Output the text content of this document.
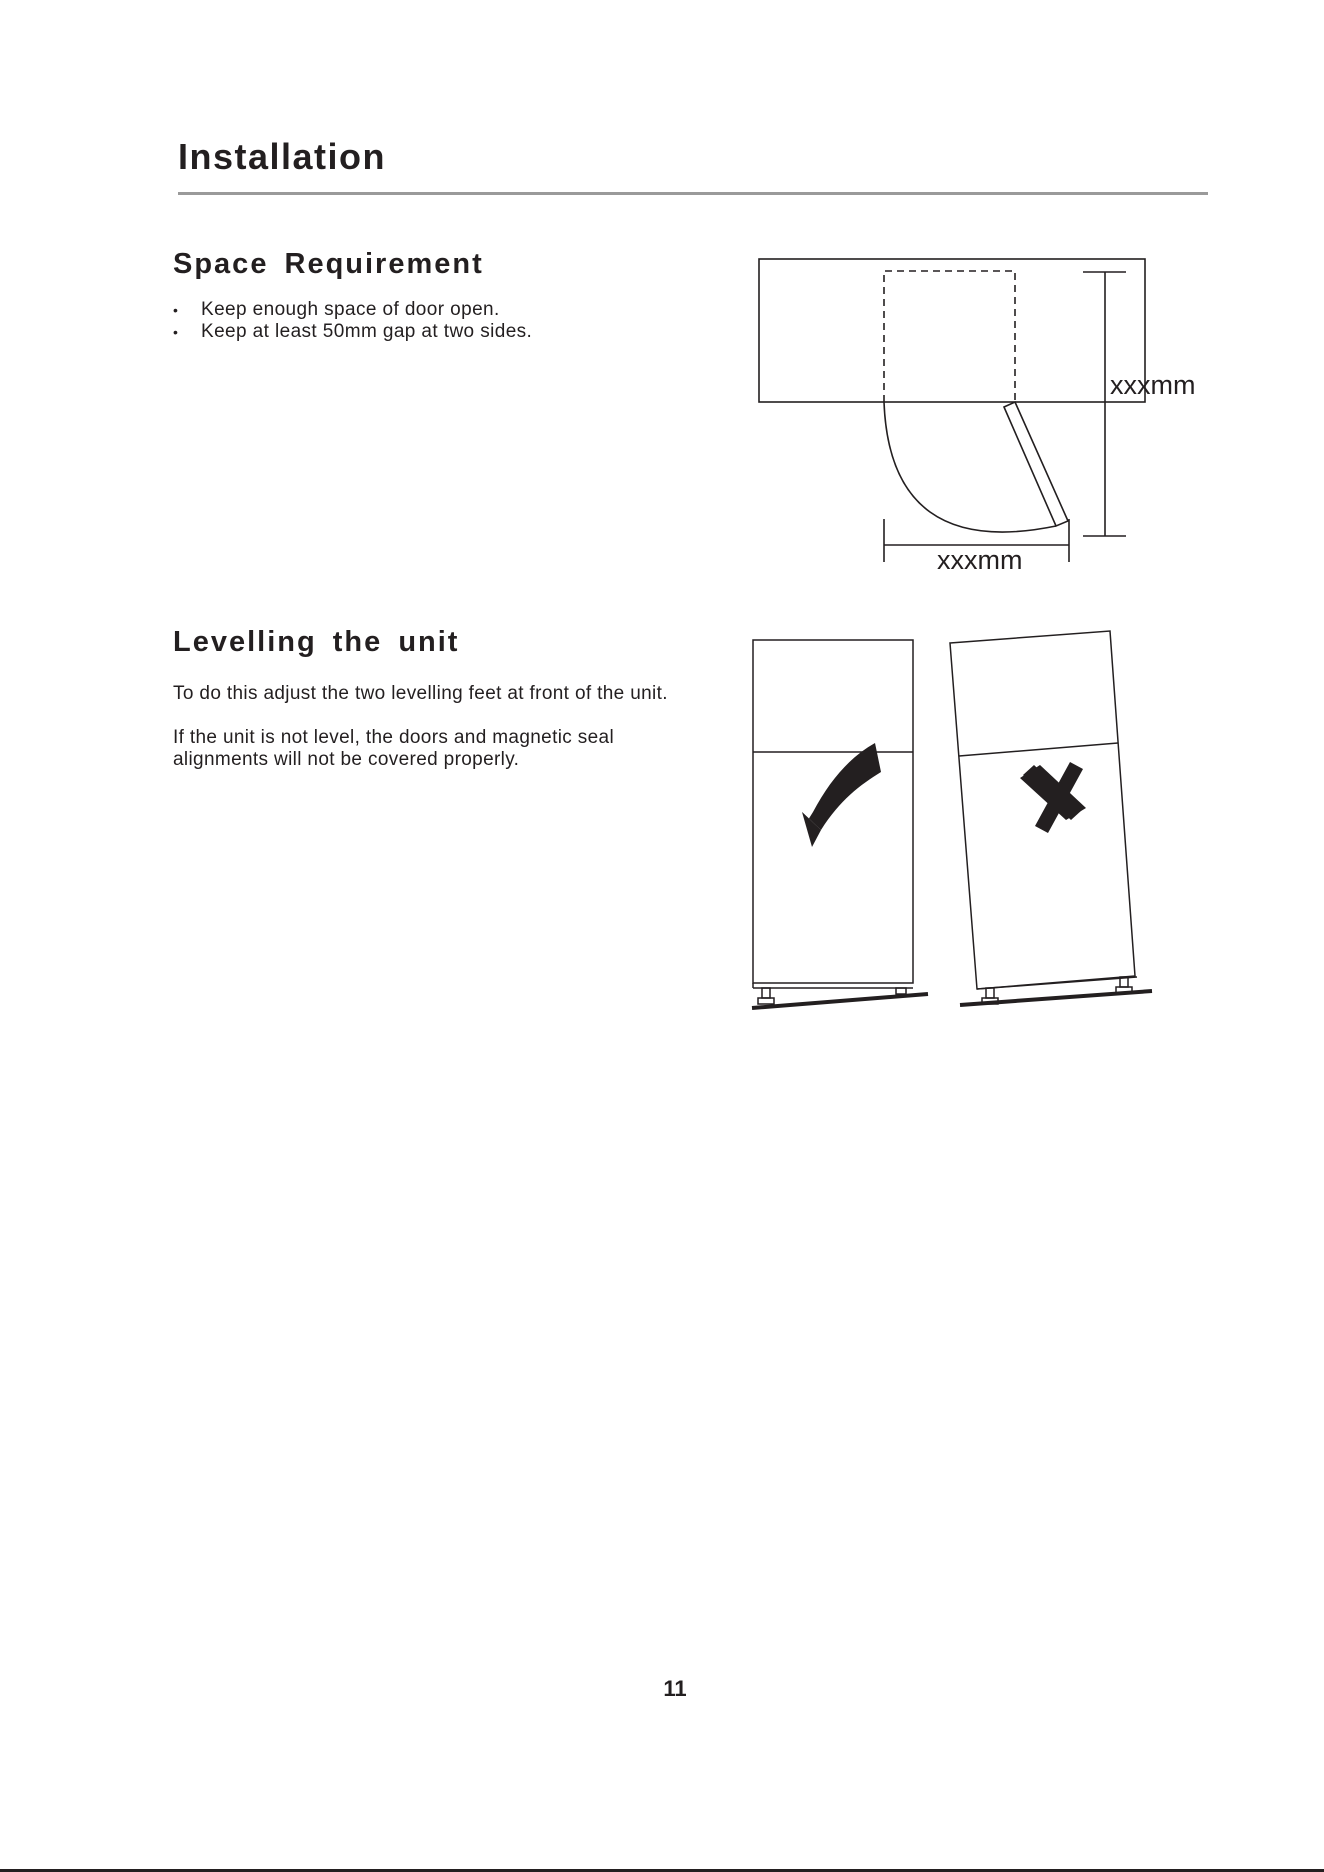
Installation
Space Requirement
• Keep enough space of door open.
• Keep at least 50mm gap at two sides.
xxxmm
xxxmm
Levelling the unit

To do this adjust the two levelling feet at front of the unit.

If the unit is not level, the doors and magnetic seal alignments will not be covered properly.

11
